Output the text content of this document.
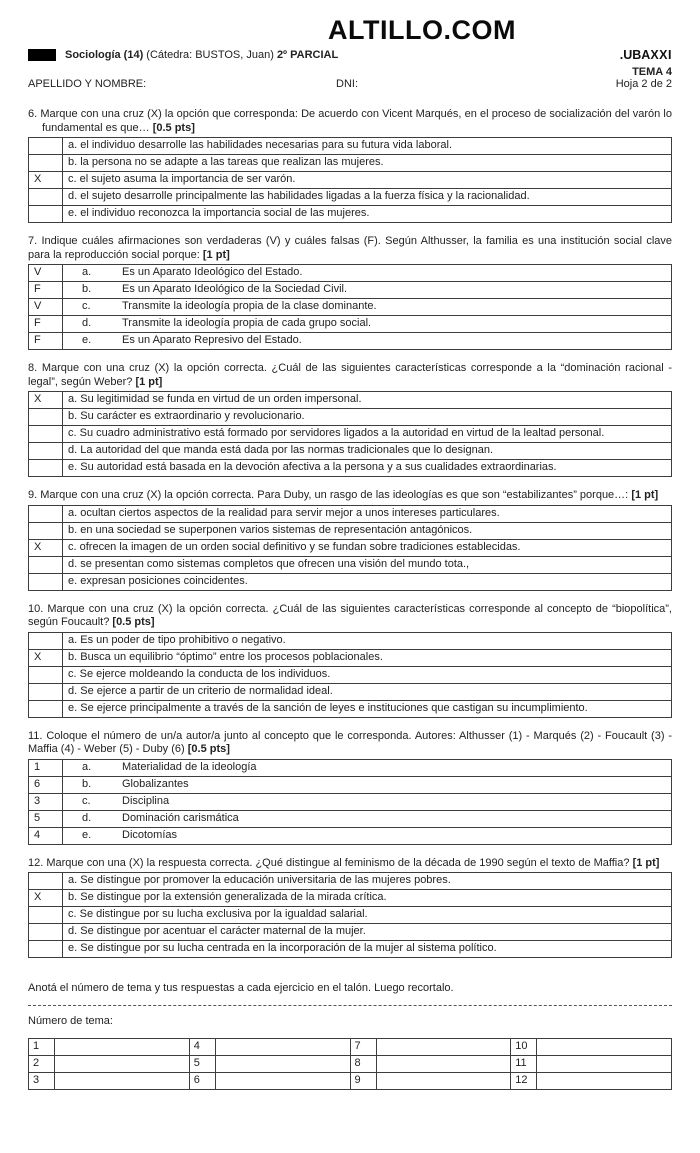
ALTILLO.COM
Sociología (14) (Cátedra: BUSTOS, Juan) 2º PARCIAL	.UBAXXI
APELLIDO Y NOMBRE:	DNI:
TEMA 4
Hoja 2 de 2

6. Marque con una cruz (X) la opción que corresponda: De acuerdo con Vicent Marqués, en el proceso de socialización del varón lo fundamental es que… [0.5 pts]

	a. el individuo desarrolle las habilidades necesarias para su futura vida laboral.
	b. la persona no se adapte a las tareas que realizan las mujeres.
X	c. el sujeto asuma la importancia de ser varón.
	d. el sujeto desarrolle principalmente las habilidades ligadas a la fuerza física y la racionalidad.
	e. el individuo reconozca la importancia social de las mujeres.

7. Indique cuáles afirmaciones son verdaderas (V) y cuáles falsas (F). Según Althusser, la familia es una institución social clave para la reproducción social porque: [1 pt]

V	a. Es un Aparato Ideológico del Estado.
F	b. Es un Aparato Ideológico de la Sociedad Civil.
V	c. Transmite la ideología propia de la clase dominante.
F	d. Transmite la ideología propia de cada grupo social.
F	e. Es un Aparato Represivo del Estado.

8. Marque con una cruz (X) la opción correcta. ¿Cuál de las siguientes características corresponde a la “dominación racional - legal”, según Weber? [1 pt]

X	a. Su legitimidad se funda en virtud de un orden impersonal.
	b. Su carácter es extraordinario y revolucionario.
	c. Su cuadro administrativo está formado por servidores ligados a la autoridad en virtud de la lealtad personal.
	d. La autoridad del que manda está dada por las normas tradicionales que lo designan.
	e. Su autoridad está basada en la devoción afectiva a la persona y a sus cualidades extraordinarias.

9. Marque con una cruz (X) la opción correcta. Para Duby, un rasgo de las ideologías es que son “estabilizantes” porque…: [1 pt]

	a. ocultan ciertos aspectos de la realidad para servir mejor a unos intereses particulares.
	b. en una sociedad se superponen varios sistemas de representación antagónicos.
X	c. ofrecen la imagen de un orden social definitivo y se fundan sobre tradiciones establecidas.
	d. se presentan como sistemas completos que ofrecen una visión del mundo tota.,
	e. expresan posiciones coincidentes.

10. Marque con una cruz (X) la opción correcta. ¿Cuál de las siguientes características corresponde al concepto de “biopolítica”, según Foucault? [0.5 pts]

	a. Es un poder de tipo prohibitivo o negativo.
X	b. Busca un equilibrio “óptimo” entre los procesos poblacionales.
	c. Se ejerce moldeando la conducta de los individuos.
	d. Se ejerce a partir de un criterio de normalidad ideal.
	e. Se ejerce principalmente a través de la sanción de leyes e instituciones que castigan su incumplimiento.

11. Coloque el número de un/a autor/a junto al concepto que le corresponda. Autores: Althusser (1) - Marqués (2) - Foucault (3) - Maffia (4) - Weber (5) - Duby (6) [0.5 pts]

1	a. Materialidad de la ideología
6	b. Globalizantes
3	c. Disciplina
5	d. Dominación carismática
4	e. Dicotomías

12. Marque con una (X) la respuesta correcta. ¿Qué distingue al feminismo de la década de 1990 según el texto de Maffia? [1 pt]

	a. Se distingue por promover la educación universitaria de las mujeres pobres.
X	b. Se distingue por la extensión generalizada de la mirada crítica.
	c. Se distingue por su lucha exclusiva por la igualdad salarial.
	d. Se distingue por acentuar el carácter maternal de la mujer.
	e. Se distingue por su lucha centrada en la incorporación de la mujer al sistema político.

Anotá el número de tema y tus respuestas a cada ejercicio en el talón. Luego recortalo.

Número de tema:

1		4		7		10	
2		5		8		11	
3		6		9		12	
